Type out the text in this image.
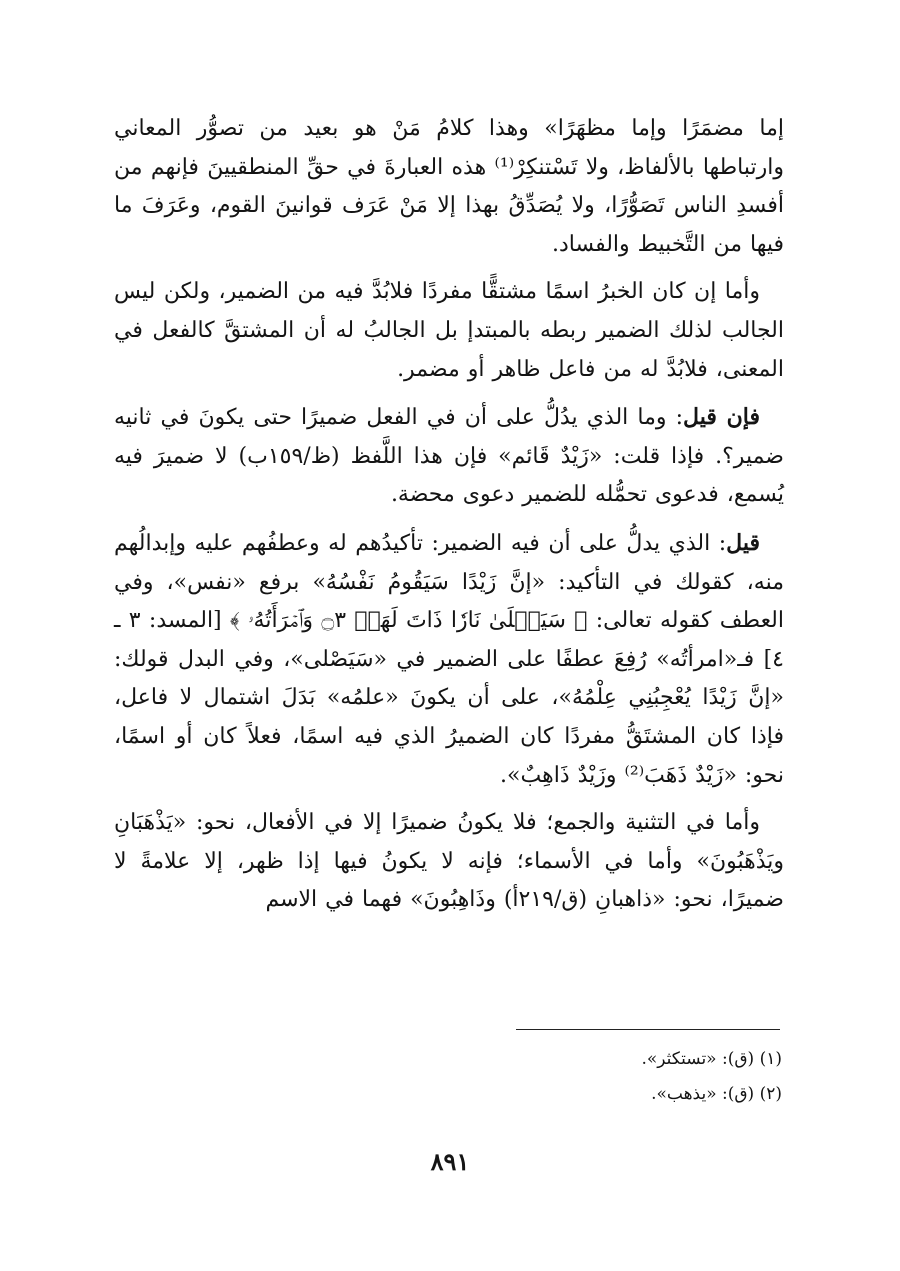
إما مضمَرًا وإما مظهَرًا» وهذا كلامُ مَنْ هو بعيد من تصوُّر المعاني وارتباطها بالألفاظ، ولا تَسْتنكِرْ⁽¹⁾ هذه العبارةَ في حقِّ المنطقيينَ فإنهم من أفسدِ الناس تَصَوُّرًا، ولا يُصَدِّقُ بهذا إلا مَنْ عَرَف قوانينَ القوم، وعَرَفَ ما فيها من التَّخبيط والفساد.

وأما إن كان الخبرُ اسمًا مشتقًّا مفردًا فلابُدَّ فيه من الضمير، ولكن ليس الجالب لذلك الضمير ربطه بالمبتدإ بل الجالبُ له أن المشتقَّ كالفعل في المعنى، فلابُدَّ له من فاعل ظاهر أو مضمر.

فإن قيل: وما الذي يدُلُّ على أن في الفعل ضميرًا حتى يكونَ في ثانيه ضمير؟. فإذا قلت: «زَيْدٌ قَائم» فإن هذا اللَّفظ (ظ/١٥٩ب) لا ضميرَ فيه يُسمع، فدعوى تحمُّله للضمير دعوى محضة.

قيل: الذي يدلُّ على أن فيه الضمير: تأكيدُهم له وعطفُهم عليه وإبدالُهم منه، كقولك في التأكيد: «إنَّ زَيْدًا سَيَقُومُ نَفْسُهُ» برفع «نفس»، وفي العطف كقوله تعالى: ﴿ سَيَصۡلَىٰ نَارٗا ذَاتَ لَهَبٖ ۝٣ وَٱمۡرَأَتُهُۥ ﴾ [المسد: ٣ ـ ٤] فـ«امرأتُه» رُفِعَ عطفًا على الضمير في «سَيَصْلى»، وفي البدل قولك: «إنَّ زَيْدًا يُعْجِبُنِي عِلْمُهُ»، على أن يكونَ «علمُه» بَدَلَ اشتمال لا فاعل، فإذا كان المشتَقُّ مفردًا كان الضميرُ الذي فيه اسمًا، فعلاً كان أو اسمًا، نحو: «زَيْدٌ ذَهَبَ⁽²⁾ وزَيْدٌ ذَاهِبٌ».

وأما في التثنية والجمع؛ فلا يكونُ ضميرًا إلا في الأفعال، نحو: «يَذْهَبَانِ ويَذْهَبُونَ» وأما في الأسماء؛ فإنه لا يكونُ فيها إذا ظهر، إلا علامةً لا ضميرًا، نحو: «ذاهبانِ (ق/٢١٩أ) وذَاهِبُونَ» فهما في الاسم

(١) (ق): «تستكثر».
(٢) (ق): «يذهب».
٨٩١
